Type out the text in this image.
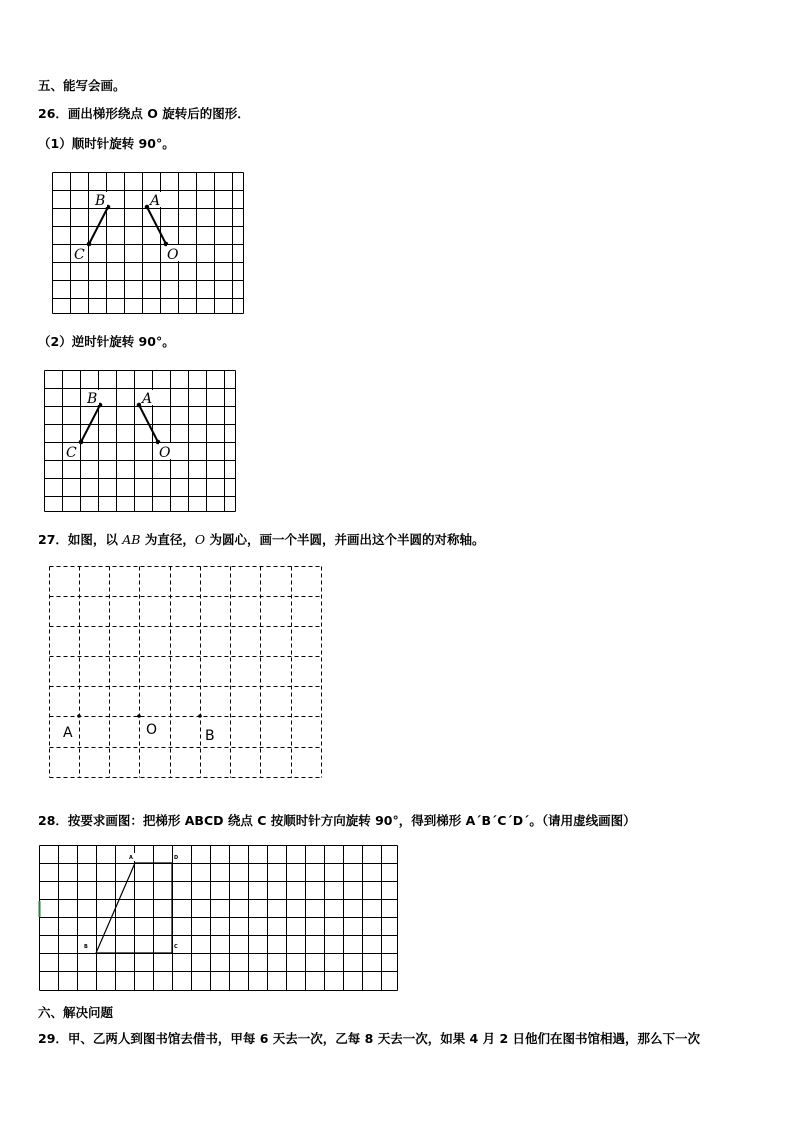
五、能写会画。
26．画出梯形绕点 O 旋转后的图形．
（1）顺时针旋转 90°。
B	A
C	O
（2）逆时针旋转 90°。
B	A
C	O
27．如图，以 AB 为直径，O 为圆心，画一个半圆，并画出这个半圆的对称轴。
A	O	B
28．按要求画图：把梯形 ABCD 绕点 C 按顺时针方向旋转 90°，得到梯形 A´B´C´D´。（请用虚线画图）
A	D
B	C
六、解决问题
29．甲、乙两人到图书馆去借书，甲每 6 天去一次，乙每 8 天去一次，如果 4 月 2 日他们在图书馆相遇，那么下一次
